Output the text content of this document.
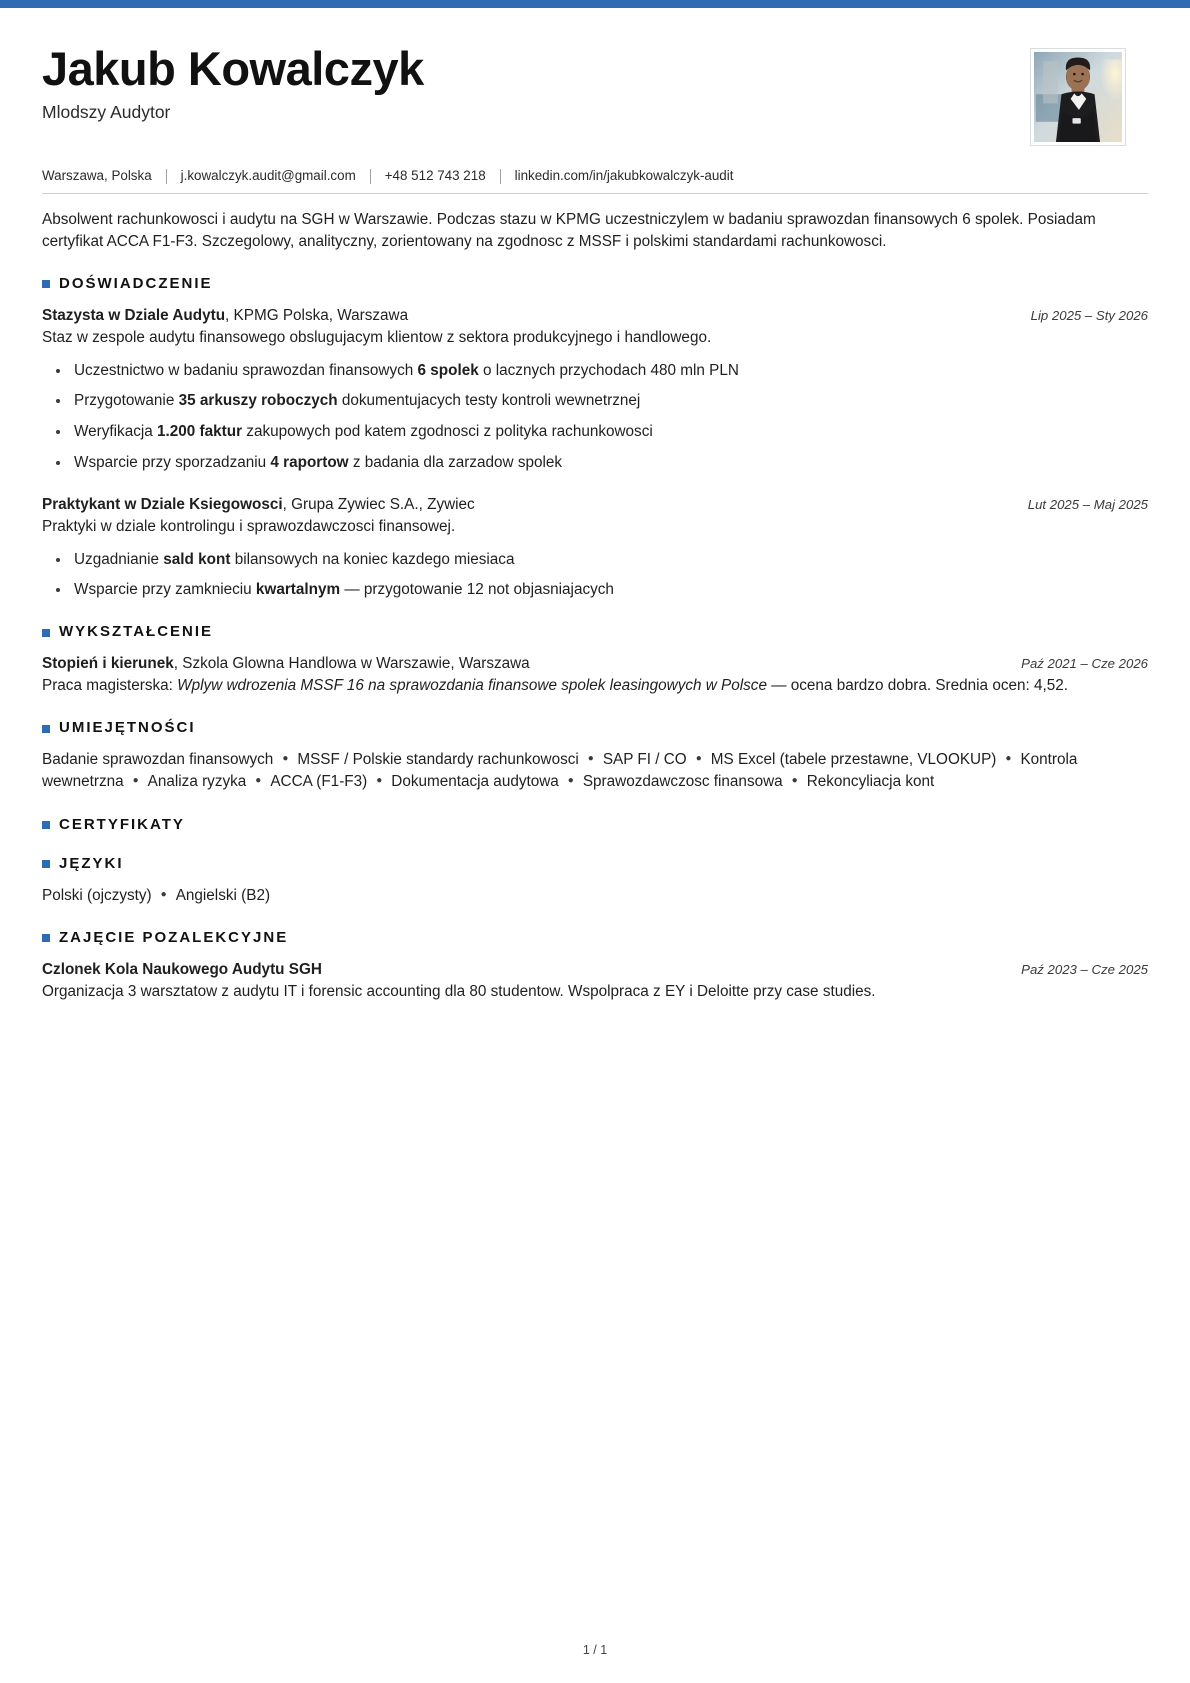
Jakub Kowalczyk

Mlodszy Audytor

Warszawa, Polska j.kowalczyk.audit@gmail.com +48 512 743 218 linkedin.com/in/jakubkowalczyk-audit

Absolwent rachunkowosci i audytu na SGH w Warszawie. Podczas stazu w KPMG uczestniczylem w badaniu sprawozdan finansowych 6 spolek. Posiadam certyfikat ACCA F1-F3. Szczegolowy, analityczny, zorientowany na zgodnosc z MSSF i polskimi standardami rachunkowosci.

DOŚWIADCZENIE
Stazysta w Dziale Audytu, KPMG Polska, Warszawa	Lip 2025 – Sty 2026
Staz w zespole audytu finansowego obslugujacym klientow z sektora produkcyjnego i handlowego.
Uczestnictwo w badaniu sprawozdan finansowych 6 spolek o lacznych przychodach 480 mln PLN
Przygotowanie 35 arkuszy roboczych dokumentujacych testy kontroli wewnetrznej
Weryfikacja 1.200 faktur zakupowych pod katem zgodnosci z polityka rachunkowosci
Wsparcie przy sporzadzaniu 4 raportow z badania dla zarzadow spolek
Praktykant w Dziale Ksiegowosci, Grupa Zywiec S.A., Zywiec	Lut 2025 – Maj 2025
Praktyki w dziale kontrolingu i sprawozdawczosci finansowej.
Uzgadnianie sald kont bilansowych na koniec kazdego miesiaca
Wsparcie przy zamknieciu kwartalnym — przygotowanie 12 not objasniajacych
WYKSZTAŁCENIE
Stopień i kierunek, Szkola Glowna Handlowa w Warszawie, Warszawa	Paź 2021 – Cze 2026
Praca magisterska: Wplyw wdrozenia MSSF 16 na sprawozdania finansowe spolek leasingowych w Polsce — ocena bardzo dobra. Srednia ocen: 4,52.
UMIEJĘTNOŚCI
Badanie sprawozdan finansowych ● MSSF / Polskie standardy rachunkowosci ● SAP FI / CO ● MS Excel (tabele przestawne, VLOOKUP) ● Kontrola wewnetrzna ● Analiza ryzyka ● ACCA (F1-F3) ● Dokumentacja audytowa ● Sprawozdawczosc finansowa ● Rekoncyliacja kont
CERTYFIKATY
JĘZYKI
Polski (ojczysty) ● Angielski (B2)
ZAJĘCIE POZALEKCYJNE
Czlonek Kola Naukowego Audytu SGH	Paź 2023 – Cze 2025
Organizacja 3 warsztatow z audytu IT i forensic accounting dla 80 studentow. Wspolpraca z EY i Deloitte przy case studies.
1 / 1
